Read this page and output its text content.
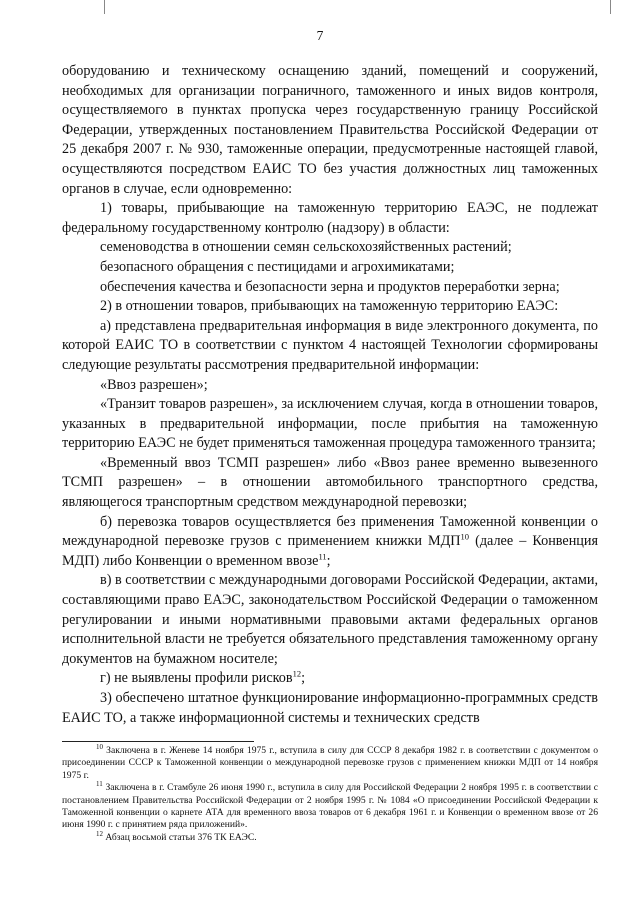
7

оборудованию и техническому оснащению зданий, помещений и сооружений, необходимых для организации пограничного, таможенного и иных видов контроля, осуществляемого в пунктах пропуска через государственную границу Российской Федерации, утвержденных постановлением Правительства Российской Федерации от 25 декабря 2007 г. № 930, таможенные операции, предусмотренные настоящей главой, осуществляются посредством ЕАИС ТО без участия должностных лиц таможенных органов в случае, если одновременно:

1) товары, прибывающие на таможенную территорию ЕАЭС, не подлежат федеральному государственному контролю (надзору) в области:

семеноводства в отношении семян сельскохозяйственных растений;

безопасного обращения с пестицидами и агрохимикатами;

обеспечения качества и безопасности зерна и продуктов переработки зерна;

2) в отношении товаров, прибывающих на таможенную территорию ЕАЭС:

а) представлена предварительная информация в виде электронного документа, по которой ЕАИС ТО в соответствии с пунктом 4 настоящей Технологии сформированы следующие результаты рассмотрения предварительной информации:

«Ввоз разрешен»;

«Транзит товаров разрешен», за исключением случая, когда в отношении товаров, указанных в предварительной информации, после прибытия на таможенную территорию ЕАЭС не будет применяться таможенная процедура таможенного транзита;

«Временный ввоз ТСМП разрешен» либо «Ввоз ранее временно вывезенного ТСМП разрешен» – в отношении автомобильного транспортного средства, являющегося транспортным средством международной перевозки;

б) перевозка товаров осуществляется без применения Таможенной конвенции о международной перевозке грузов с применением книжки МДП$^{10}$ (далее – Конвенция МДП) либо Конвенции о временном ввозе$^{11}$;

в) в соответствии с международными договорами Российской Федерации, актами, составляющими право ЕАЭС, законодательством Российской Федерации о таможенном регулировании и иными нормативными правовыми актами федеральных органов исполнительной власти не требуется обязательного представления таможенному органу документов на бумажном носителе;

г) не выявлены профили рисков$^{12}$;

3) обеспечено штатное функционирование информационно-программных средств ЕАИС ТО, а также информационной системы и технических средств

$^{10}$ Заключена в г. Женеве 14 ноября 1975 г., вступила в силу для СССР 8 декабря 1982 г. в соответствии с документом о присоединении СССР к Таможенной конвенции о международной перевозке грузов с применением книжки МДП от 14 ноября 1975 г.

$^{11}$ Заключена в г. Стамбуле 26 июня 1990 г., вступила в силу для Российской Федерации 2 ноября 1995 г. в соответствии с постановлением Правительства Российской Федерации от 2 ноября 1995 г. № 1084 «О присоединении Российской Федерации к Таможенной конвенции о карнете АТА для временного ввоза товаров от 6 декабря 1961 г. и Конвенции о временном ввозе от 26 июня 1990 г. с принятием ряда приложений».

$^{12}$ Абзац восьмой статьи 376 ТК ЕАЭС.
